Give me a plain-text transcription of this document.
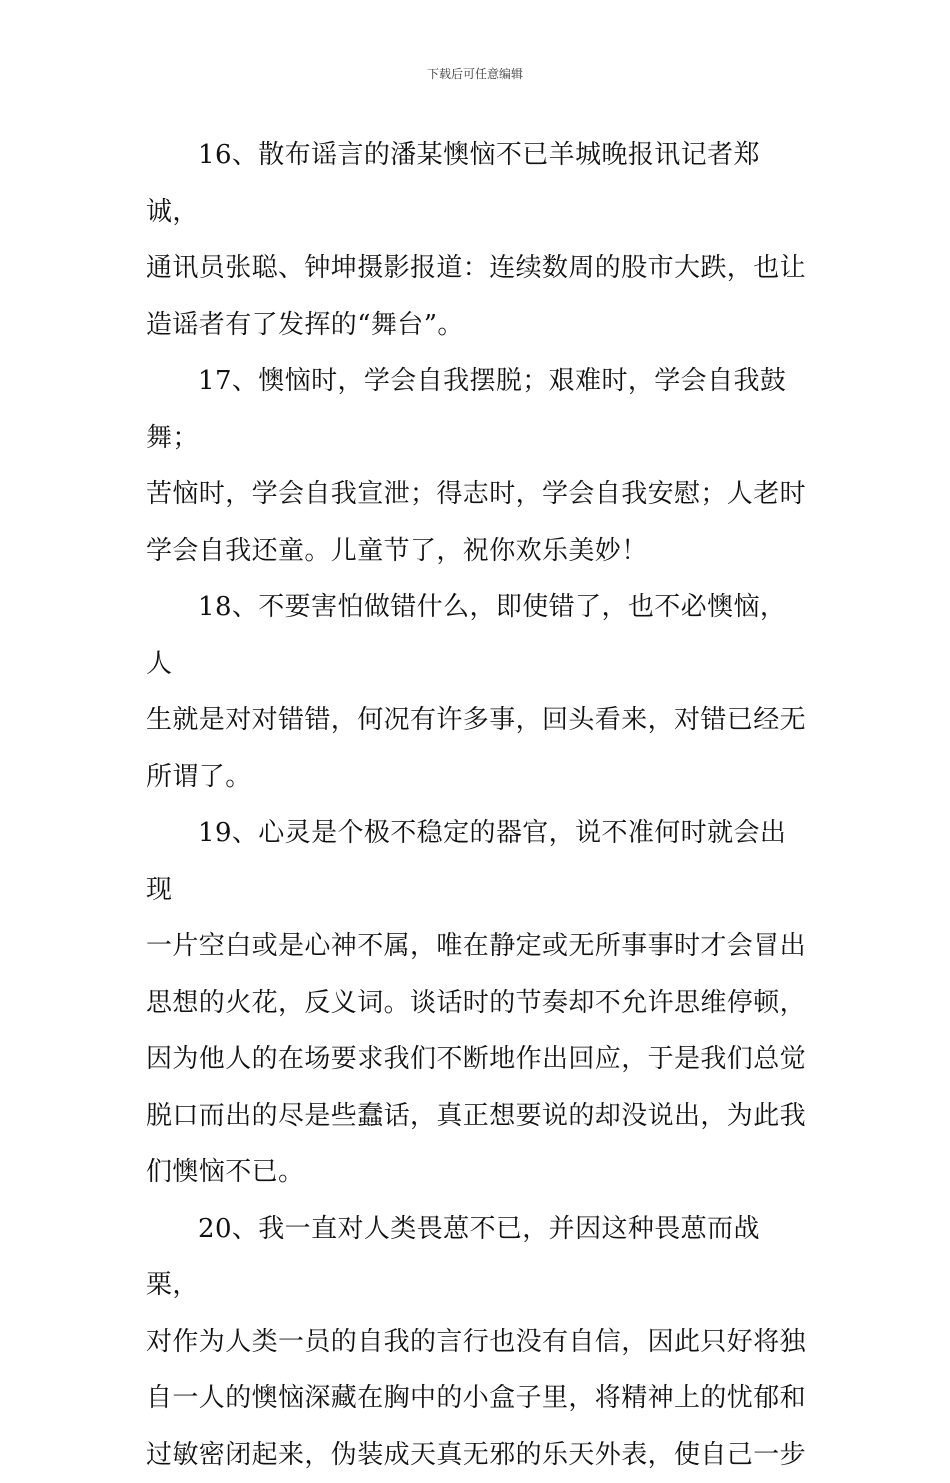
下载后可任意编辑

16、散布谣言的潘某懊恼不已羊城晚报讯记者郑诚，
通讯员张聪、钟坤摄影报道：连续数周的股市大跌，也让
造谣者有了发挥的“舞台”。

17、懊恼时，学会自我摆脱；艰难时，学会自我鼓舞；
苦恼时，学会自我宣泄；得志时，学会自我安慰；人老时
学会自我还童。儿童节了，祝你欢乐美妙！

18、不要害怕做错什么，即使错了，也不必懊恼，人
生就是对对错错，何况有许多事，回头看来，对错已经无
所谓了。

19、心灵是个极不稳定的器官，说不准何时就会出现
一片空白或是心神不属，唯在静定或无所事事时才会冒出
思想的火花，反义词。谈话时的节奏却不允许思维停顿，
因为他人的在场要求我们不断地作出回应，于是我们总觉
脱口而出的尽是些蠢话，真正想要说的却没说出，为此我
们懊恼不已。

20、我一直对人类畏葸不已，并因这种畏葸而战栗，
对作为人类一员的自我的言行也没有自信，因此只好将独
自一人的懊恼深藏在胸中的小盒子里，将精神上的忧郁和
过敏密闭起来，伪装成天真无邪的乐天外表，使自己一步
